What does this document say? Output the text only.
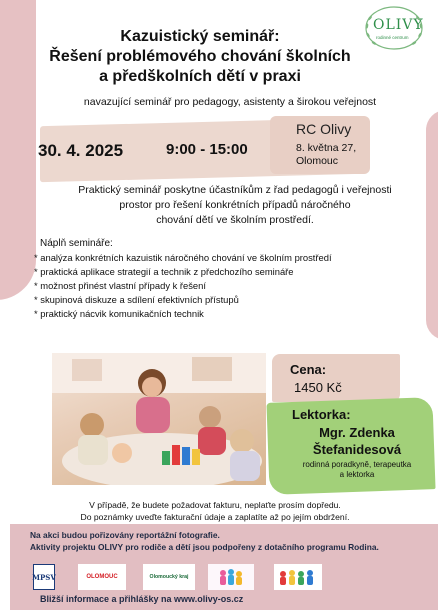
OLIVY
rodinné centrum
Kazuistický seminář:
Řešení problémového chování školních
a předškolních dětí v praxi
navazující seminář pro pedagogy, asistenty a širokou veřejnost
30. 4. 2025	9:00 - 15:00
RC Olivy
8. května 27,
Olomouc
Praktický seminář poskytne účastníkům z řad pedagogů i veřejnosti
prostor pro řešení konkrétních případů náročného
chování dětí ve školním prostředí.
Náplň semináře:
* analýza konkrétních kazuistik náročného chování ve školním prostředí
* praktická aplikace strategií a technik z předchozího semináře
* možnost přinést vlastní případy k řešení
* skupinová diskuze a sdílení efektivních přístupů
* praktický nácvik komunikačních technik
Cena:
1450 Kč
Lektorka:
Mgr. Zdenka
Štefanidesová
rodinná poradkyně, terapeutka
a lektorka
V případě, že budete požadovat fakturu, neplaťte prosím dopředu.
Do poznámky uveďte fakturační údaje a zaplatíte až po jejím obdržení.
Na akci budou pořizovány reportážní fotografie.
Aktivity projektu OLIVY pro rodiče a dětí jsou podpořeny z dotačního programu Rodina.
MPSV	OLOMOUC	Olomoucký kraj
Bližší informace a přihlášky na www.olivy-os.cz
